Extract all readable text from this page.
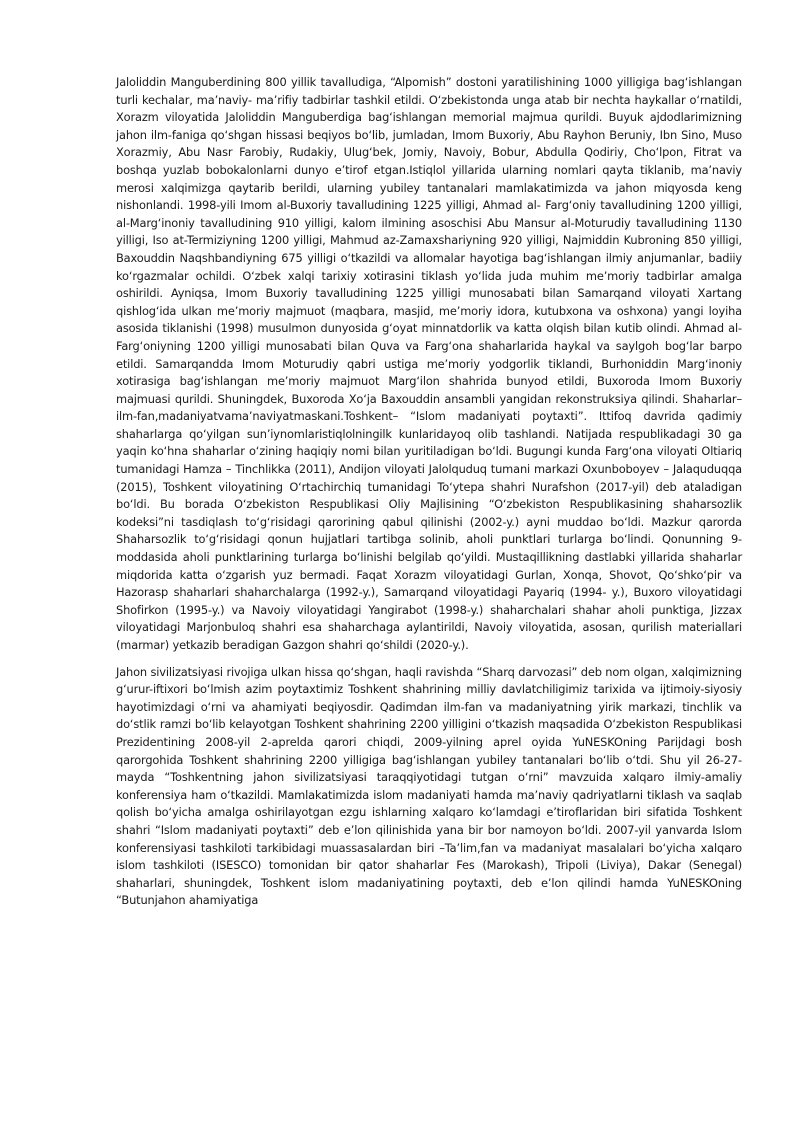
Jaloliddin Manguberdining 800 yillik tavalludiga, “Alpomish” dostoni yaratilishining 1000 yilligiga bag‘ishlangan turli kechalar, ma’naviy- ma’rifiy tadbirlar tashkil etildi. O‘zbekistonda unga atab bir nechta haykallar o‘rnatildi, Xorazm viloyatida Jaloliddin Manguberdiga bag‘ishlangan memorial majmua qurildi. Buyuk ajdodlarimizning jahon ilm-faniga qo‘shgan hissasi beqiyos bo‘lib, jumladan, Imom Buxoriy, Abu Rayhon Beruniy, Ibn Sino, Muso Xorazmiy, Abu Nasr Farobiy, Rudakiy, Ulug‘bek, Jomiy, Navoiy, Bobur, Abdulla Qodiriy, Cho‘lpon, Fitrat va boshqa yuzlab bobokalonlarni dunyo e’tirof etgan.Istiqlol yillarida ularning nomlari qayta tiklanib, ma’naviy merosi xalqimizga qaytarib berildi, ularning yubiley tantanalari mamlakatimizda va jahon miqyosda keng nishonlandi. 1998-yili Imom al-Buxoriy tavalludining 1225 yilligi, Ahmad al- Farg‘oniy tavalludining 1200 yilligi, al-Marg‘inoniy tavalludining 910 yilligi, kalom ilmining asoschisi Abu Mansur al-Moturudiy tavalludining 1130 yilligi, Iso at-Termiziyning 1200 yilligi, Mahmud az-Zamaxshariyning 920 yilligi, Najmiddin Kubroning 850 yilligi, Baxouddin Naqshbandiyning 675 yilligi o‘tkazildi va allomalar hayotiga bag‘ishlangan ilmiy anjumanlar, badiiy ko‘rgazmalar ochildi. O‘zbek xalqi tarixiy xotirasini tiklash yo‘lida juda muhim me’moriy tadbirlar amalga oshirildi. Ayniqsa, Imom Buxoriy tavalludining 1225 yilligi munosabati bilan Samarqand viloyati Xartang qishlog‘ida ulkan me’moriy majmuot (maqbara, masjid, me’moriy idora, kutubxona va oshxona) yangi loyiha asosida tiklanishi (1998) musulmon dunyosida g‘oyat minnatdorlik va katta olqish bilan kutib olindi. Ahmad al- Farg‘oniyning 1200 yilligi munosabati bilan Quva va Farg‘ona shaharlarida haykal va saylgoh bog‘lar barpo etildi. Samarqandda Imom Moturudiy qabri ustiga me’moriy yodgorlik tiklandi, Burhoniddin Marg‘inoniy xotirasiga bag‘ishlangan me’moriy majmuot Marg‘ilon shahrida bunyod etildi, Buxoroda Imom Buxoriy majmuasi qurildi. Shuningdek, Buxoroda Xo‘ja Baxouddin ansambli yangidan rekonstruksiya qilindi. Shaharlar–ilm-fan,madaniyatvama’naviyatmaskani.Toshkent– “Islom madaniyati poytaxti”. Ittifoq davrida qadimiy shaharlarga qo‘yilgan sun’iynomlaristiqlolningilk kunlaridayoq olib tashlandi. Natijada respublikadagi 30 ga yaqin ko‘hna shaharlar o‘zining haqiqiy nomi bilan yuritiladigan bo‘ldi. Bugungi kunda Farg‘ona viloyati Oltiariq tumanidagi Hamza – Tinchlikka (2011), Andijon viloyati Jalolquduq tumani markazi Oxunboboyev – Jalaquduqqa (2015), Toshkent viloyatining O‘rtachirchiq tumanidagi To‘ytepa shahri Nurafshon (2017-yil) deb ataladigan bo‘ldi. Bu borada O‘zbekiston Respublikasi Oliy Majlisining “O‘zbekiston Respublikasining shaharsozlik kodeksi”ni tasdiqlash to‘g‘risidagi qarorining qabul qilinishi (2002-y.) ayni muddao bo‘ldi. Mazkur qarorda Shaharsozlik to‘g‘risidagi qonun hujjatlari tartibga solinib, aholi punktlari turlarga bo‘lindi. Qonunning 9-moddasida aholi punktlarining turlarga bo‘linishi belgilab qo‘yildi. Mustaqillikning dastlabki yillarida shaharlar miqdorida katta o‘zgarish yuz bermadi. Faqat Xorazm viloyatidagi Gurlan, Xonqa, Shovot, Qo‘shko‘pir va Hazorasp shaharlari shaharchalarga (1992-y.), Samarqand viloyatidagi Payariq (1994- y.), Buxoro viloyatidagi Shofirkon (1995-y.) va Navoiy viloyatidagi Yangirabot (1998-y.) shaharchalari shahar aholi punktiga, Jizzax viloyatidagi Marjonbuloq shahri esa shaharchaga aylantirildi, Navoiy viloyatida, asosan, qurilish materiallari (marmar) yetkazib beradigan Gazgon shahri qo‘shildi (2020-y.).

Jahon sivilizatsiyasi rivojiga ulkan hissa qo‘shgan, haqli ravishda “Sharq darvozasi” deb nom olgan, xalqimizning g‘urur-iftixori bo‘lmish azim poytaxtimiz Toshkent shahrining milliy davlatchiligimiz tarixida va ijtimoiy-siyosiy hayotimizdagi o‘rni va ahamiyati beqiyosdir. Qadimdan ilm-fan va madaniyatning yirik markazi, tinchlik va do‘stlik ramzi bo‘lib kelayotgan Toshkent shahrining 2200 yilligini o‘tkazish maqsadida O‘zbekiston Respublikasi Prezidentining 2008-yil 2-aprelda qarori chiqdi, 2009-yilning aprel oyida YuNESKOning Parijdagi bosh qarorgohida Toshkent shahrining 2200 yilligiga bag‘ishlangan yubiley tantanalari bo‘lib o‘tdi. Shu yil 26-27-mayda “Toshkentning jahon sivilizatsiyasi taraqqiyotidagi tutgan o‘rni” mavzuida xalqaro ilmiy-amaliy konferensiya ham o‘tkazildi. Mamlakatimizda islom madaniyati hamda ma’naviy qadriyatlarni tiklash va saqlab qolish bo‘yicha amalga oshirilayotgan ezgu ishlarning xalqaro ko‘lamdagi e’tiroflaridan biri sifatida Toshkent shahri “Islom madaniyati poytaxti” deb e’lon qilinishida yana bir bor namoyon bo‘ldi. 2007-yil yanvarda Islom konferensiyasi tashkiloti tarkibidagi muassasalardan biri –Ta’lim,fan va madaniyat masalalari bo‘yicha xalqaro islom tashkiloti (ISESCO) tomonidan bir qator shaharlar Fes (Marokash), Tripoli (Liviya), Dakar (Senegal) shaharlari, shuningdek, Toshkent islom madaniyatining poytaxti, deb e’lon qilindi hamda YuNESKOning “Butunjahon ahamiyatiga
